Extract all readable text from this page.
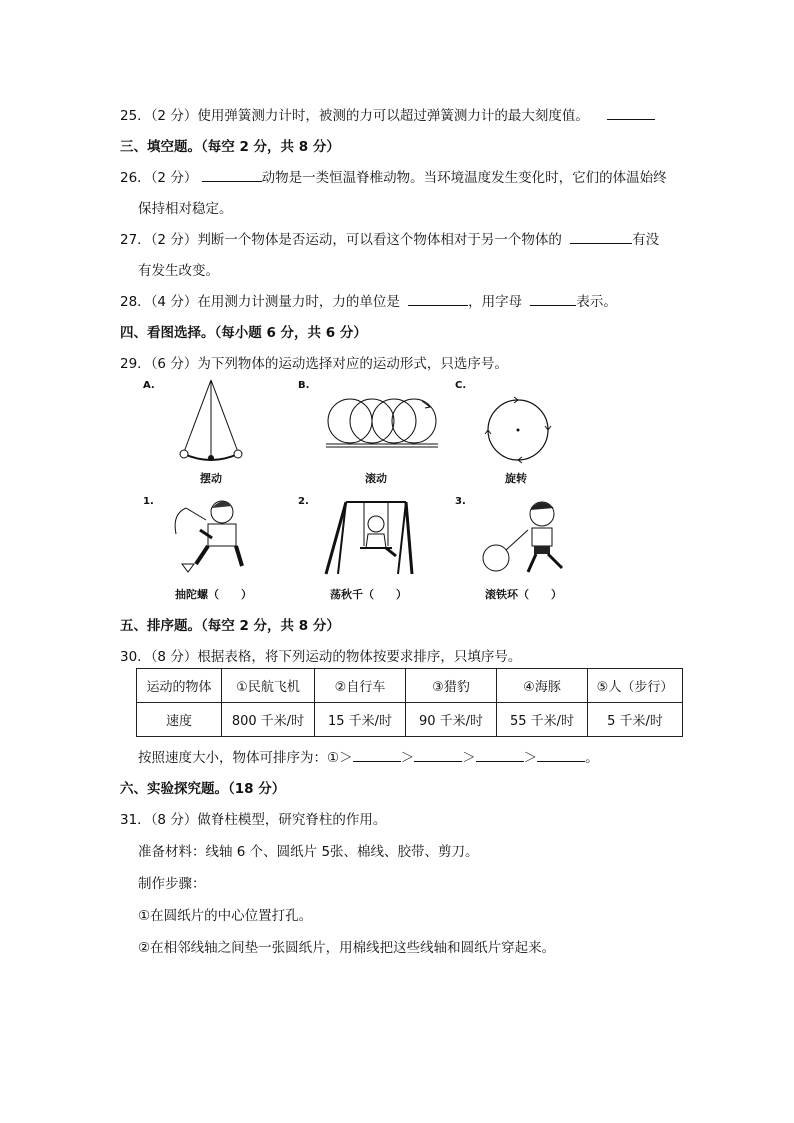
25．（2 分）使用弹簧测力计时，被测的力可以超过弹簧测力计的最大刻度值。
三、填空题。（每空 2 分，共 8 分）
26．（2 分）	动物是一类恒温脊椎动物。当环境温度发生变化时，它们的体温始终
保持相对稳定。
27．（2 分）判断一个物体是否运动，可以看这个物体相对于另一个物体的	有没
有发生改变。
28．（4 分）在用测力计测量力时，力的单位是	，用字母	表示。
四、看图选择。（每小题 6 分，共 6 分）
29．（6 分）为下列物体的运动选择对应的运动形式，只选序号。
A.
摆动
B.
滚动
C.
旋转
1.
抽陀螺（　　）
2.
荡秋千（　　）
3.
滚铁环（　　）
五、排序题。（每空 2 分，共 8 分）
30．（8 分）根据表格，将下列运动的物体按要求排序，只填序号。
运动的物体	①民航飞机	②自行车	③猎豹	④海豚	⑤人（步行）
速度	800 千米/时	15 千米/时	90 千米/时	55 千米/时	5 千米/时
按照速度大小，物体可排序为：①＞	＞	＞	＞	。
六、实验探究题。（18 分）
31．（8 分）做脊柱模型，研究脊柱的作用。
准备材料：线轴 6 个、圆纸片 5张、棉线、胶带、剪刀。
制作步骤：
①在圆纸片的中心位置打孔。
②在相邻线轴之间垫一张圆纸片，用棉线把这些线轴和圆纸片穿起来。
